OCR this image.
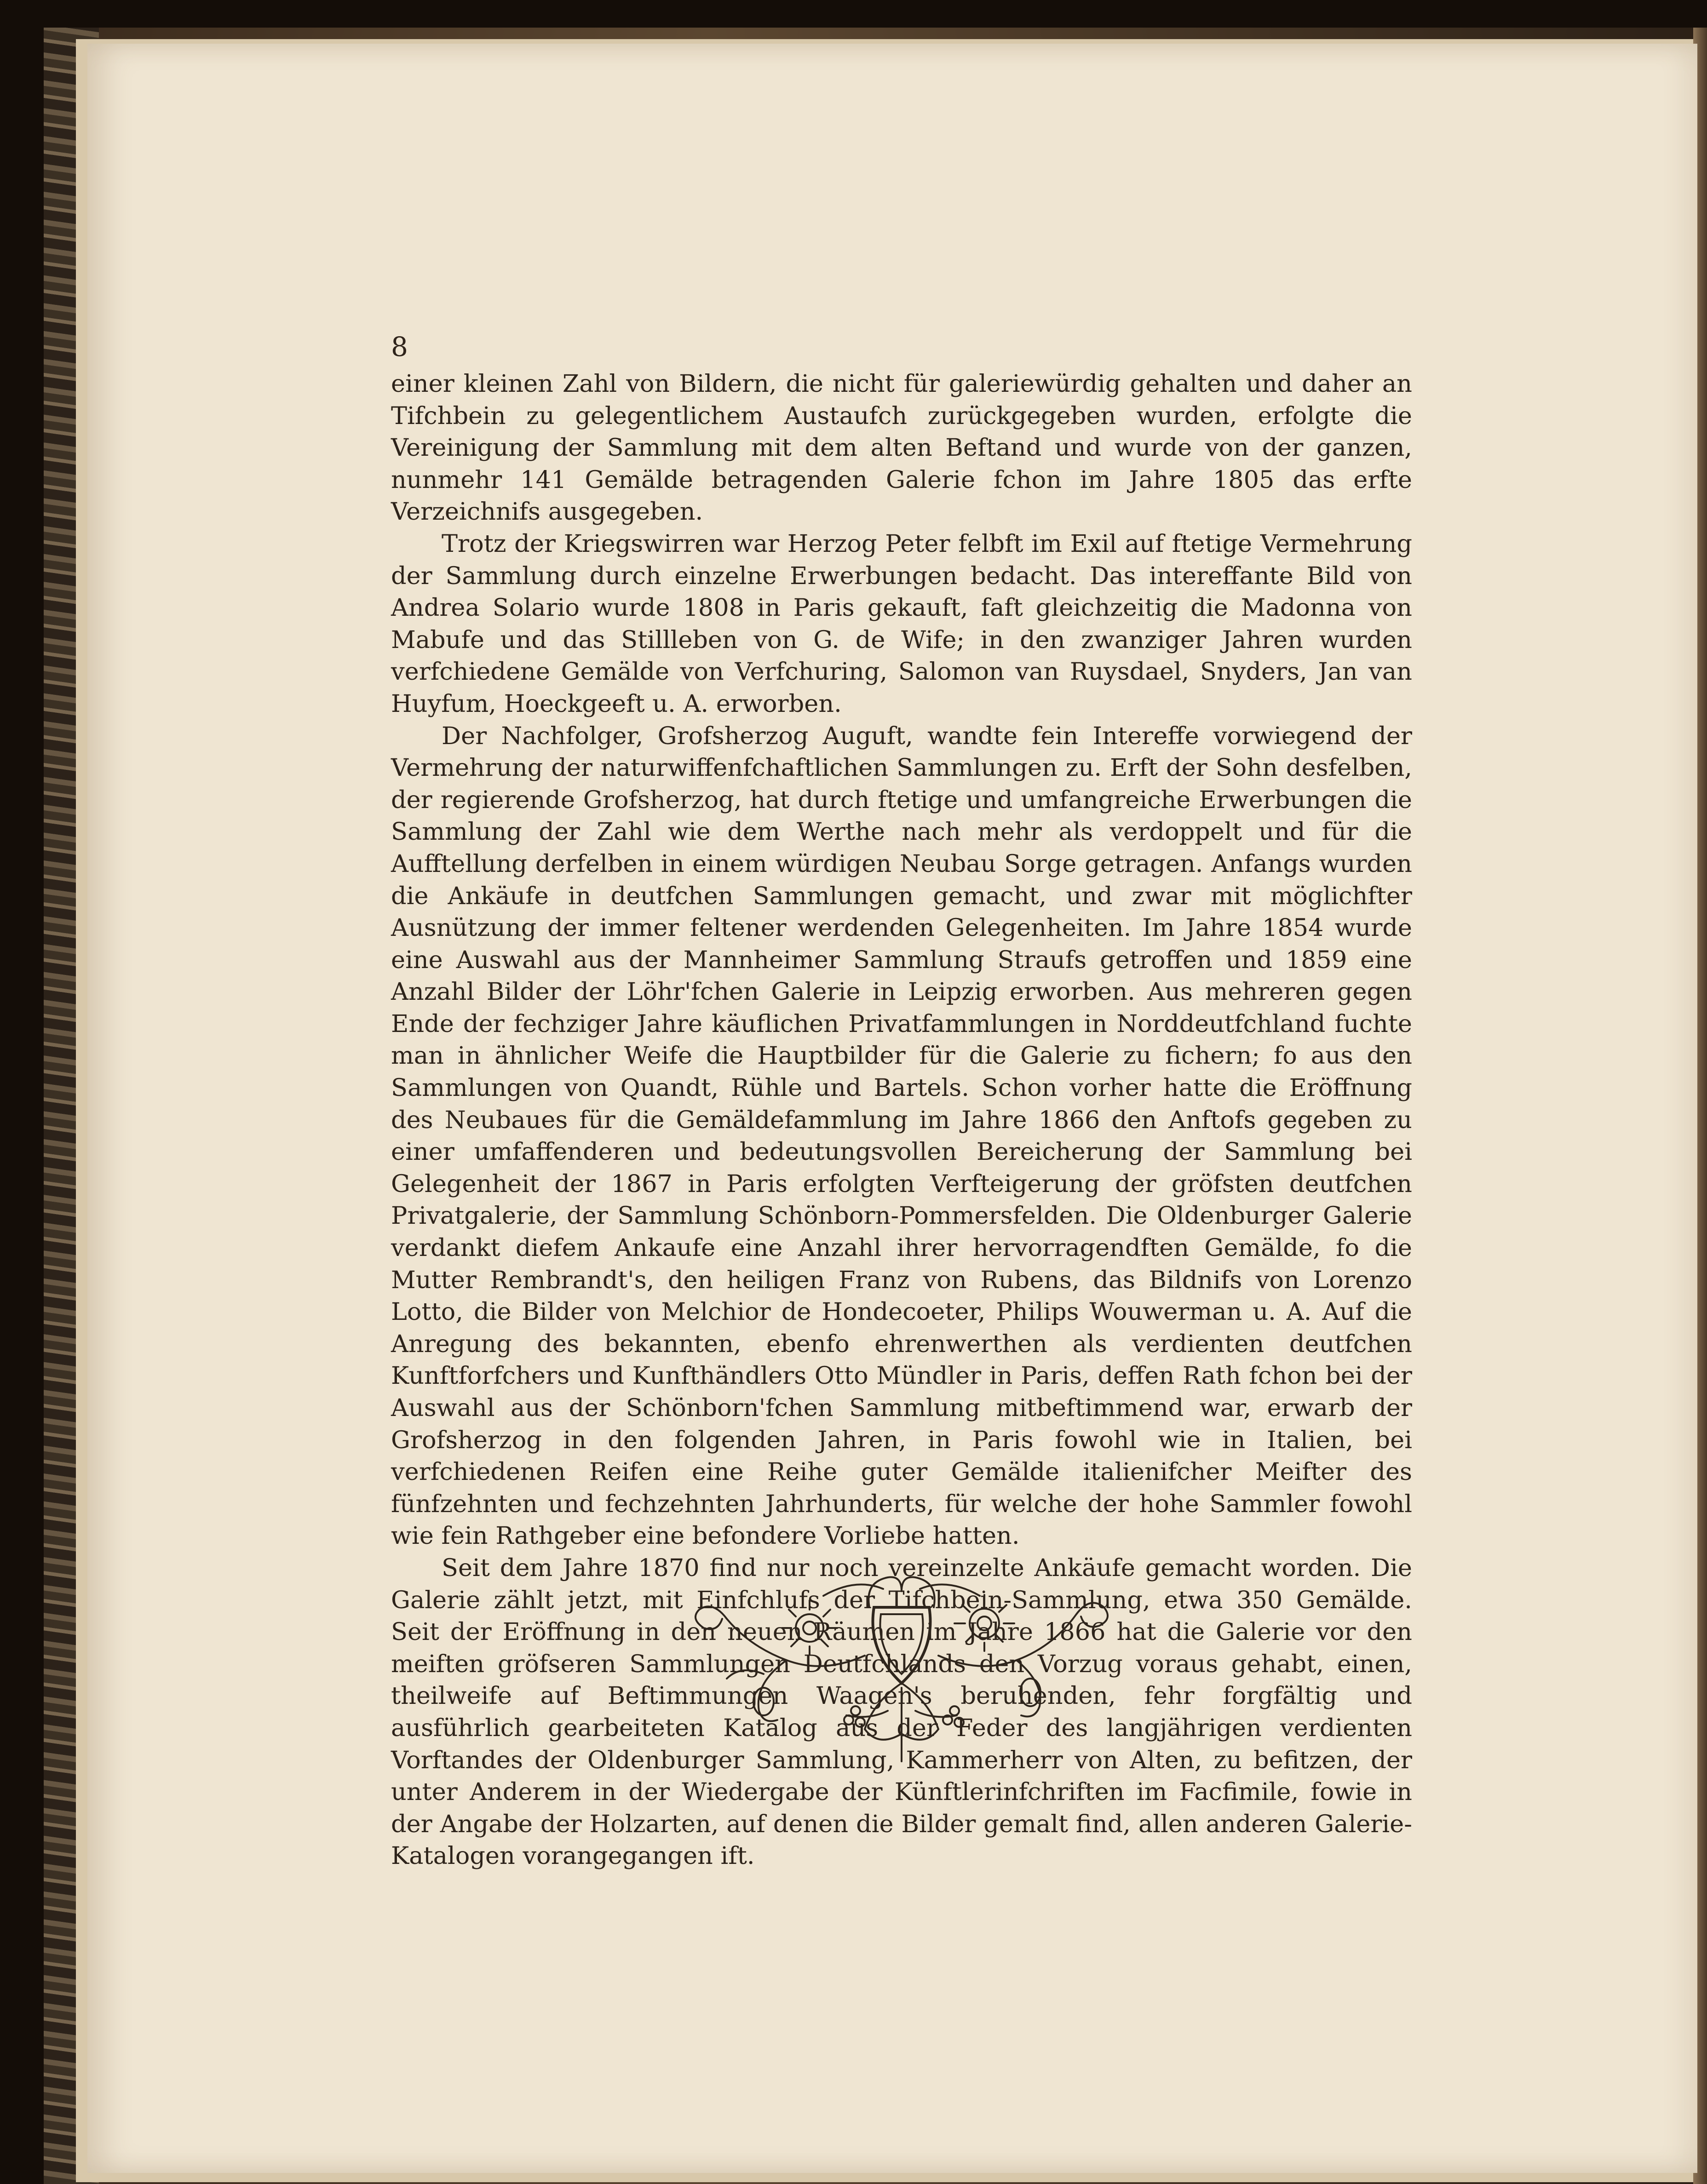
8

einer kleinen Zahl von Bildern, die nicht für galeriewürdig gehalten und daher an Tifchbein zu gelegentlichem Austaufch zurückgegeben wurden, erfolgte die Vereinigung der Sammlung mit dem alten Beftand und wurde von der ganzen, nunmehr 141 Gemälde betragenden Galerie fchon im Jahre 1805 das erfte Verzeichnifs ausgegeben.

Trotz der Kriegswirren war Herzog Peter felbft im Exil auf ftetige Vermehrung der Sammlung durch einzelne Erwerbungen bedacht. Das intereffante Bild von Andrea Solario wurde 1808 in Paris gekauft, faft gleichzeitig die Madonna von Mabufe und das Stillleben von G. de Wife; in den zwanziger Jahren wurden verfchiedene Gemälde von Verfchuring, Salomon van Ruysdael, Snyders, Jan van Huyfum, Hoeckgeeft u. A. erworben.

Der Nachfolger, Grofsherzog Auguft, wandte fein Intereffe vorwiegend der Vermehrung der naturwiffenfchaftlichen Sammlungen zu. Erft der Sohn desfelben, der regierende Grofsherzog, hat durch ftetige und umfangreiche Erwerbungen die Sammlung der Zahl wie dem Werthe nach mehr als verdoppelt und für die Aufftellung derfelben in einem würdigen Neubau Sorge getragen. Anfangs wurden die Ankäufe in deutfchen Sammlungen gemacht, und zwar mit möglichfter Ausnützung der immer feltener werdenden Gelegenheiten. Im Jahre 1854 wurde eine Auswahl aus der Mannheimer Sammlung Straufs getroffen und 1859 eine Anzahl Bilder der Löhr'fchen Galerie in Leipzig erworben. Aus mehreren gegen Ende der fechziger Jahre käuflichen Privatfammlungen in Norddeutfchland fuchte man in ähnlicher Weife die Hauptbilder für die Galerie zu fichern; fo aus den Sammlungen von Quandt, Rühle und Bartels. Schon vorher hatte die Eröffnung des Neubaues für die Gemäldefammlung im Jahre 1866 den Anftofs gegeben zu einer umfaffenderen und bedeutungsvollen Bereicherung der Sammlung bei Gelegenheit der 1867 in Paris erfolgten Verfteigerung der gröfsten deutfchen Privatgalerie, der Sammlung Schönborn-Pommersfelden. Die Oldenburger Galerie verdankt diefem Ankaufe eine Anzahl ihrer hervorragendften Gemälde, fo die Mutter Rembrandt's, den heiligen Franz von Rubens, das Bildnifs von Lorenzo Lotto, die Bilder von Melchior de Hondecoeter, Philips Wouwerman u. A. Auf die Anregung des bekannten, ebenfo ehrenwerthen als verdienten deutfchen Kunftforfchers und Kunfthändlers Otto Mündler in Paris, deffen Rath fchon bei der Auswahl aus der Schönborn'fchen Sammlung mitbeftimmend war, erwarb der Grofsherzog in den folgenden Jahren, in Paris fowohl wie in Italien, bei verfchiedenen Reifen eine Reihe guter Gemälde italienifcher Meifter des fünfzehnten und fechzehnten Jahrhunderts, für welche der hohe Sammler fowohl wie fein Rathgeber eine befondere Vorliebe hatten.

Seit dem Jahre 1870 find nur noch vereinzelte Ankäufe gemacht worden. Die Galerie zählt jetzt, mit Einfchlufs der Tifchbein-Sammlung, etwa 350 Gemälde. Seit der Eröffnung in den neuen Räumen im Jahre 1866 hat die Galerie vor den meiften gröfseren Sammlungen Deutfchlands den Vorzug voraus gehabt, einen, theilweife auf Beftimmungen Waagen's beruhenden, fehr forgfältig und ausführlich gearbeiteten Katalog aus der Feder des langjährigen verdienten Vorftandes der Oldenburger Sammlung, Kammerherr von Alten, zu befitzen, der unter Anderem in der Wiedergabe der Künftlerinfchriften im Facfimile, fowie in der Angabe der Holzarten, auf denen die Bilder gemalt find, allen anderen Galerie-Katalogen vorangegangen ift.
